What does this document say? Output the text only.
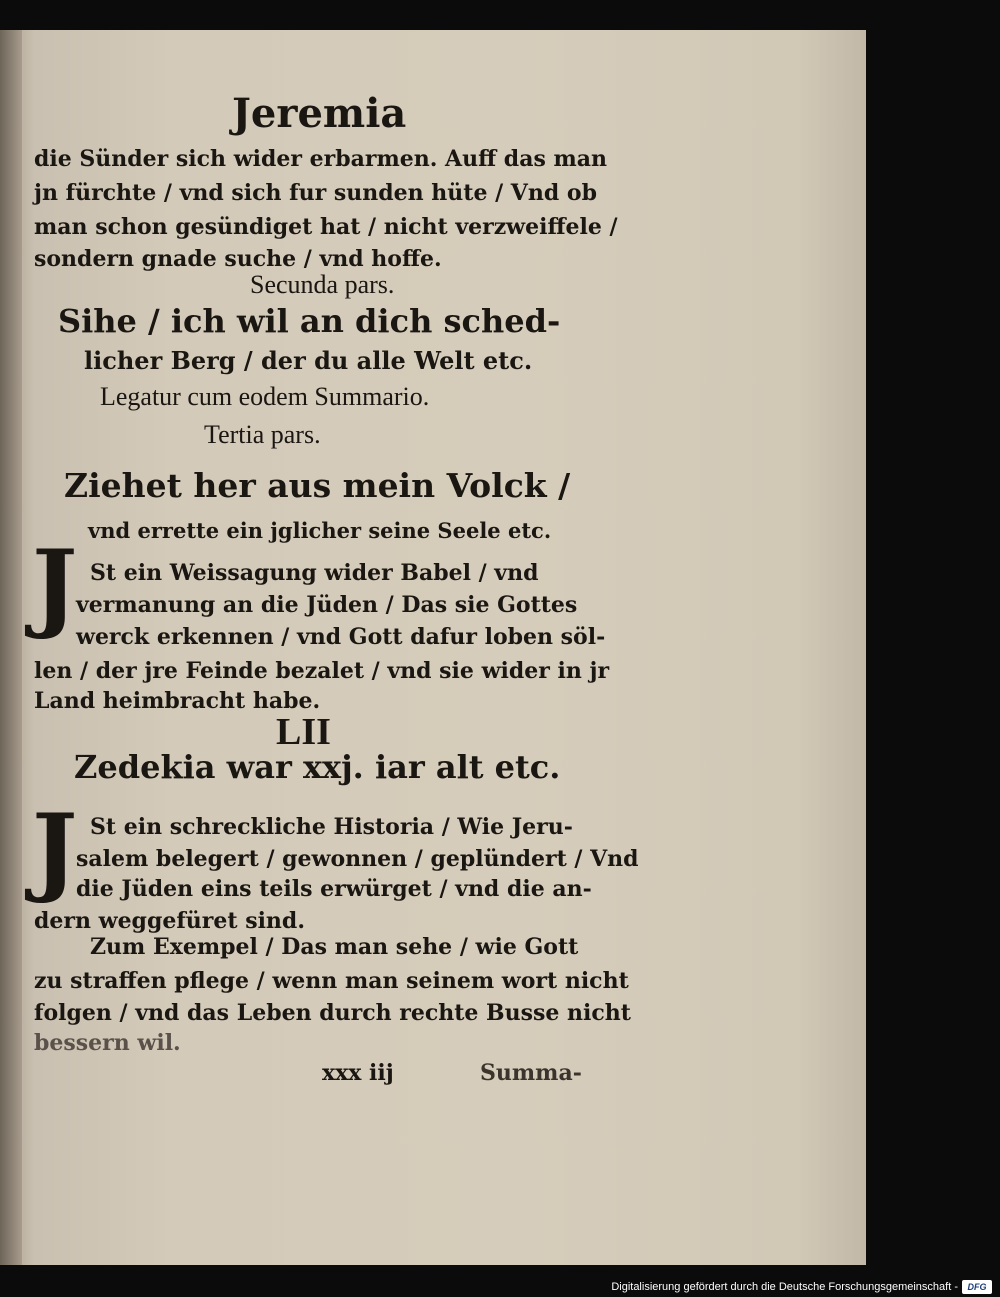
Jeremia
die Sünder sich wider erbarmen. Auff das man
jn fürchte / vnd sich fur sunden hüte / Vnd ob
man schon gesündiget hat / nicht verzweiffele /
sondern gnade suche / vnd hoffe.
Secunda pars.
Sihe / ich wil an dich sched-
licher Berg / der du alle Welt etc.
Legatur cum eodem Summario.
Tertia pars.
Ziehet her aus mein Volck /
vnd errette ein jglicher seine Seele etc.
J St ein Weissagung wider Babel / vnd
vermanung an die Jüden / Das sie Gottes
werck erkennen / vnd Gott dafur loben söl-
len / der jre Feinde bezalet / vnd sie wider in jr
Land heimbracht habe.
LII
Zedekia war xxj. iar alt etc.
J St ein schreckliche Historia / Wie Jeru-
salem belegert / gewonnen / geplündert / Vnd
die Jüden eins teils erwürget / vnd die an-
dern weggefüret sind.
Zum Exempel / Das man sehe / wie Gott
zu straffen pflege / wenn man seinem wort nicht
folgen / vnd das Leben durch rechte Busse nicht
bessern wil.
xxx iij	Summa-
Digitalisierung gefördert durch die Deutsche Forschungsgemeinschaft -	DFG
